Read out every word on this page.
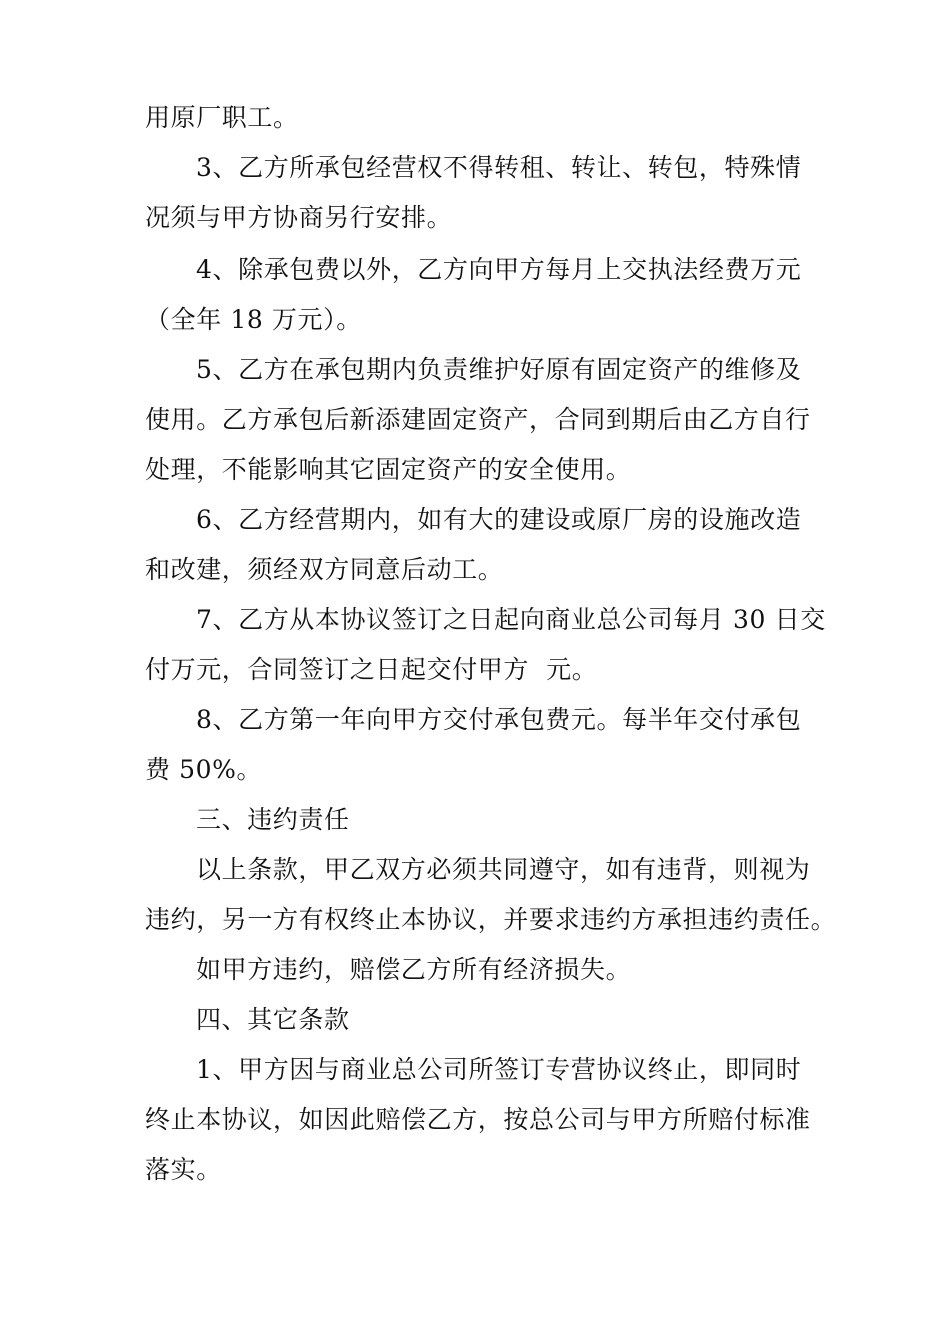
用原厂职工。
3、乙方所承包经营权不得转租、转让、转包，特殊情
况须与甲方协商另行安排。
4、除承包费以外，乙方向甲方每月上交执法经费万元
（全年 18 万元）。
5、乙方在承包期内负责维护好原有固定资产的维修及
使用。乙方承包后新添建固定资产，合同到期后由乙方自行
处理，不能影响其它固定资产的安全使用。
6、乙方经营期内，如有大的建设或原厂房的设施改造
和改建，须经双方同意后动工。
7、乙方从本协议签订之日起向商业总公司每月 30 日交
付万元，合同签订之日起交付甲方  元。
8、乙方第一年向甲方交付承包费元。每半年交付承包
费 50%。
三、违约责任
以上条款，甲乙双方必须共同遵守，如有违背，则视为
违约，另一方有权终止本协议，并要求违约方承担违约责任。
如甲方违约，赔偿乙方所有经济损失。
四、其它条款
1、甲方因与商业总公司所签订专营协议终止，即同时
终止本协议，如因此赔偿乙方，按总公司与甲方所赔付标准
落实。
